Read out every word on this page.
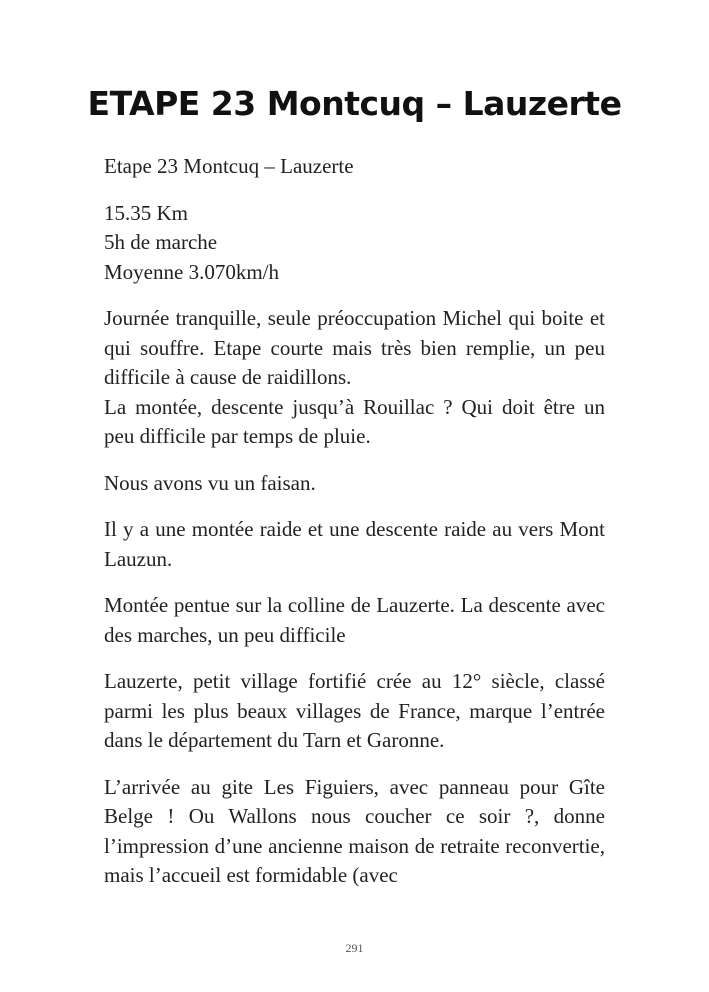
ETAPE 23 Montcuq – Lauzerte

Etape 23 Montcuq – Lauzerte

15.35 Km
5h de marche
Moyenne 3.070km/h

Journée tranquille, seule préoccupation Michel qui boite et qui souffre. Etape courte mais très bien remplie, un peu difficile à cause de raidillons.
La montée, descente jusqu’à Rouillac ? Qui doit être un peu difficile par temps de pluie.

Nous avons vu un faisan.

Il y a une montée raide et une descente raide au vers Mont Lauzun.

Montée pentue sur la colline de Lauzerte. La descente avec des marches, un peu difficile

Lauzerte, petit village fortifié crée au 12° siècle, classé parmi les plus beaux villages de France, marque l’entrée dans le département du Tarn et Garonne.

L’arrivée au gite Les Figuiers, avec panneau pour Gîte Belge ! Ou Wallons nous coucher ce soir ?, donne l’impression d’une ancienne maison de retraite reconvertie, mais l’accueil est formidable (avec

291
